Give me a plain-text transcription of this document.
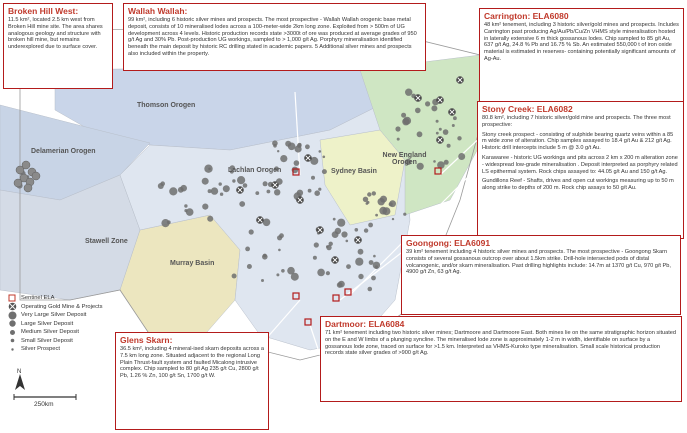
Thomson Orogen
Delamerian Orogen
Lachlan Orogen	Sydney Basin
New England Orogen
Stawell Zone
Murray Basin
Broken Hill West:
11.5 km², located 2.5 km west from Broken Hill mine site. The area shares analogous geology and structure with broken hill mine, but remains underexplored due to surface cover.
Wallah Wallah:
99 km², including 6 historic silver mines and prospects. The most prospective - Wallah Wallah orogenic base metal deposit, consists of 10 mineralised lodes across a 100-meter-wide 2km long zone. Exploited from > 500m of UG development across 4 levels. Historic production records state >3000t of ore was produced at average grades of 950 g/t Ag and 30% Pb. Post-production UG workings, sampled to > 1,000 g/t Ag. Porphyry mineralisation identified beneath the main deposit by historic RC drilling stated in academic papers. 5 Additional silver mines and prospects also included within the property.
Carrington: ELA6080
48 km² tenement, including 3 historic silver/gold mines and prospects. Includes Carrington past producing Ag/Au/Pb/Cu/Zn VHMS style mineralisation hosted in laterally extensive 6 m thick gossanous lodes. Chip sampled to 85 g/t Au, 637 g/t Ag, 24.8 % Pb and 16.75 % Sb. An estimated 550,000 t of iron oxide material is estimated in reserves- containing potentially significant amounts of Ag-Au.
Stony Creek: ELA6082

80.8 km², including 7 historic silver/gold mine and prospects. The three most prospective:

Stony creek prospect - consisting of sulphide bearing quartz veins within a 85 m wide zone of alteration. Chip samples assayed to 18.4 g/t Au & 212 g/t Ag. Historic drill intercepts include 5 m @ 3.0 g/t Au.

Karawaree - historic UG workings and pits across 2 km x 200 m alteration zone - widespread low-grade mineralisation . Deposit interpreted as porphyry related LS epithermal system. Rock chips assayed to: 44.05 g/t Au and 150 g/t Ag.

Gundillons Reef - Shafts, drives and open cut workings measuring up to 50 m along strike to depths of 200 m. Rock chip assays to 50 g/t Au.

Goongong: ELA6091
39 km² tenement including 4 historic silver mines and prospects. The most prospective - Goongong Skarn consists of several gossanous outcrop over about 1.5km strike. Drill-hole intersected pods of distal volcanogenic, and/or skarn mineralisation. Past drilling highlights include: 14.7m at 1370 g/t Cu, 970 g/t Pb, 4900 g/t Zn, 63 g/t Ag.
Glens Skarn:
36.5 km², including 4 mineral-ised skarn deposits across a 7.5 km long zone. Situated adjacent to the regional Long Plain Thrust-fault system and faulted Micalong intrusive complex. Chip sampled to 80 g/t Ag 235 g/t Cu, 2800 g/t Pb, 1.26 % Zn, 100 g/t Sn, 1700 g/t W.
Dartmoor: ELA6084
71 km² tenement including two historic silver mines; Dartmoore and Dartmoore East. Both mines lie on the same stratigraphic horizon situated on the E and W limbs of a plunging syncline. The mineralised lode zone is approximately 1-2 m in width, identifiable on surface by a gossanous lode zone, traced on surface for >1.5 km. Interpreted as VHMS-Kuroko type mineralisation. Small scale historical production records state silver grades of >900 g/t Ag.
Sentinel ELA
Operating Gold Mine & Projects
Very Large Silver Deposit
Large Silver Deposit
Medium Silver Deposit
Small Silver Deposit
Silver Prospect
N
250km
